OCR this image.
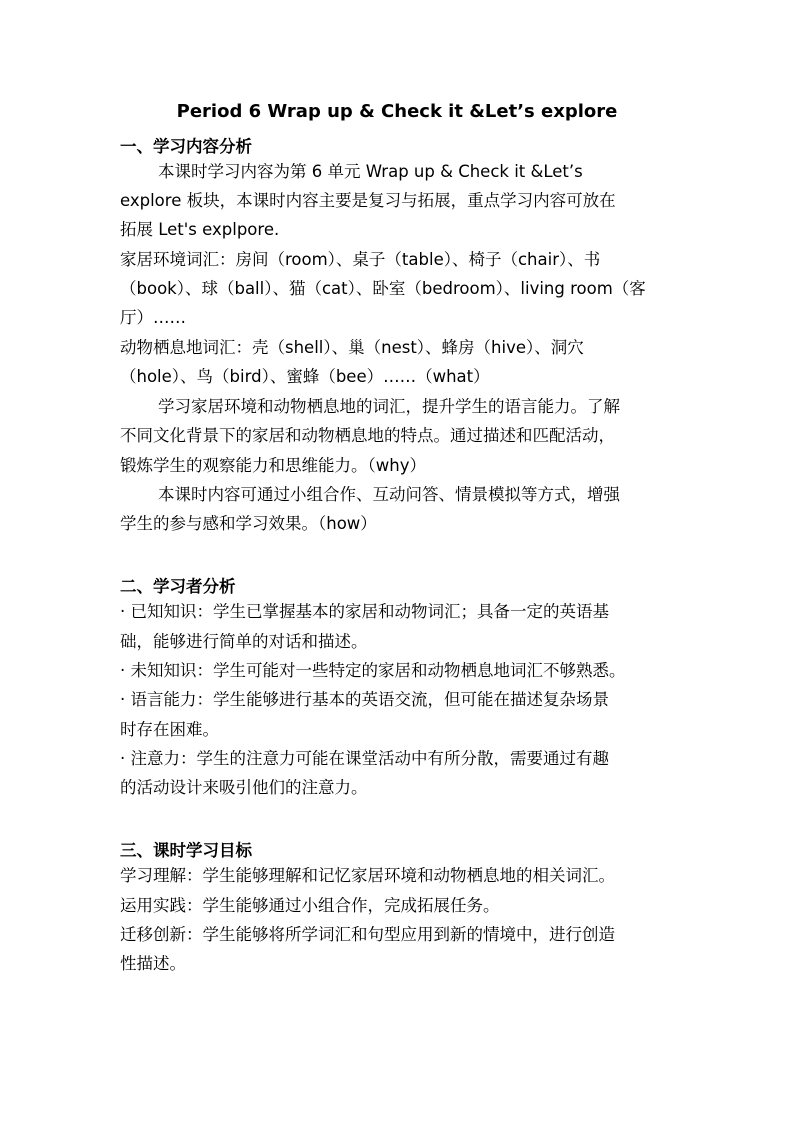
Period 6 Wrap up & Check it &Let’s explore
一、学习内容分析
本课时学习内容为第 6 单元 Wrap up & Check it &Let’s
explore 板块，本课时内容主要是复习与拓展，重点学习内容可放在
拓展 Let's explpore.
家居环境词汇：房间（room）、桌子（table）、椅子（chair）、书
（book）、球（ball）、猫（cat）、卧室（bedroom）、living room（客
厅）……
动物栖息地词汇：壳（shell）、巢（nest）、蜂房（hive）、洞穴
（hole）、鸟（bird）、蜜蜂（bee）……（what）
学习家居环境和动物栖息地的词汇，提升学生的语言能力。了解
不同文化背景下的家居和动物栖息地的特点。通过描述和匹配活动，
锻炼学生的观察能力和思维能力。（why）
本课时内容可通过小组合作、互动问答、情景模拟等方式，增强
学生的参与感和学习效果。（how）
二、学习者分析
· 已知知识：学生已掌握基本的家居和动物词汇；具备一定的英语基
础，能够进行简单的对话和描述。
· 未知知识：学生可能对一些特定的家居和动物栖息地词汇不够熟悉。
· 语言能力：学生能够进行基本的英语交流，但可能在描述复杂场景
时存在困难。
· 注意力：学生的注意力可能在课堂活动中有所分散，需要通过有趣
的活动设计来吸引他们的注意力。
三、课时学习目标
学习理解：学生能够理解和记忆家居环境和动物栖息地的相关词汇。
运用实践：学生能够通过小组合作，完成拓展任务。
迁移创新：学生能够将所学词汇和句型应用到新的情境中，进行创造
性描述。
